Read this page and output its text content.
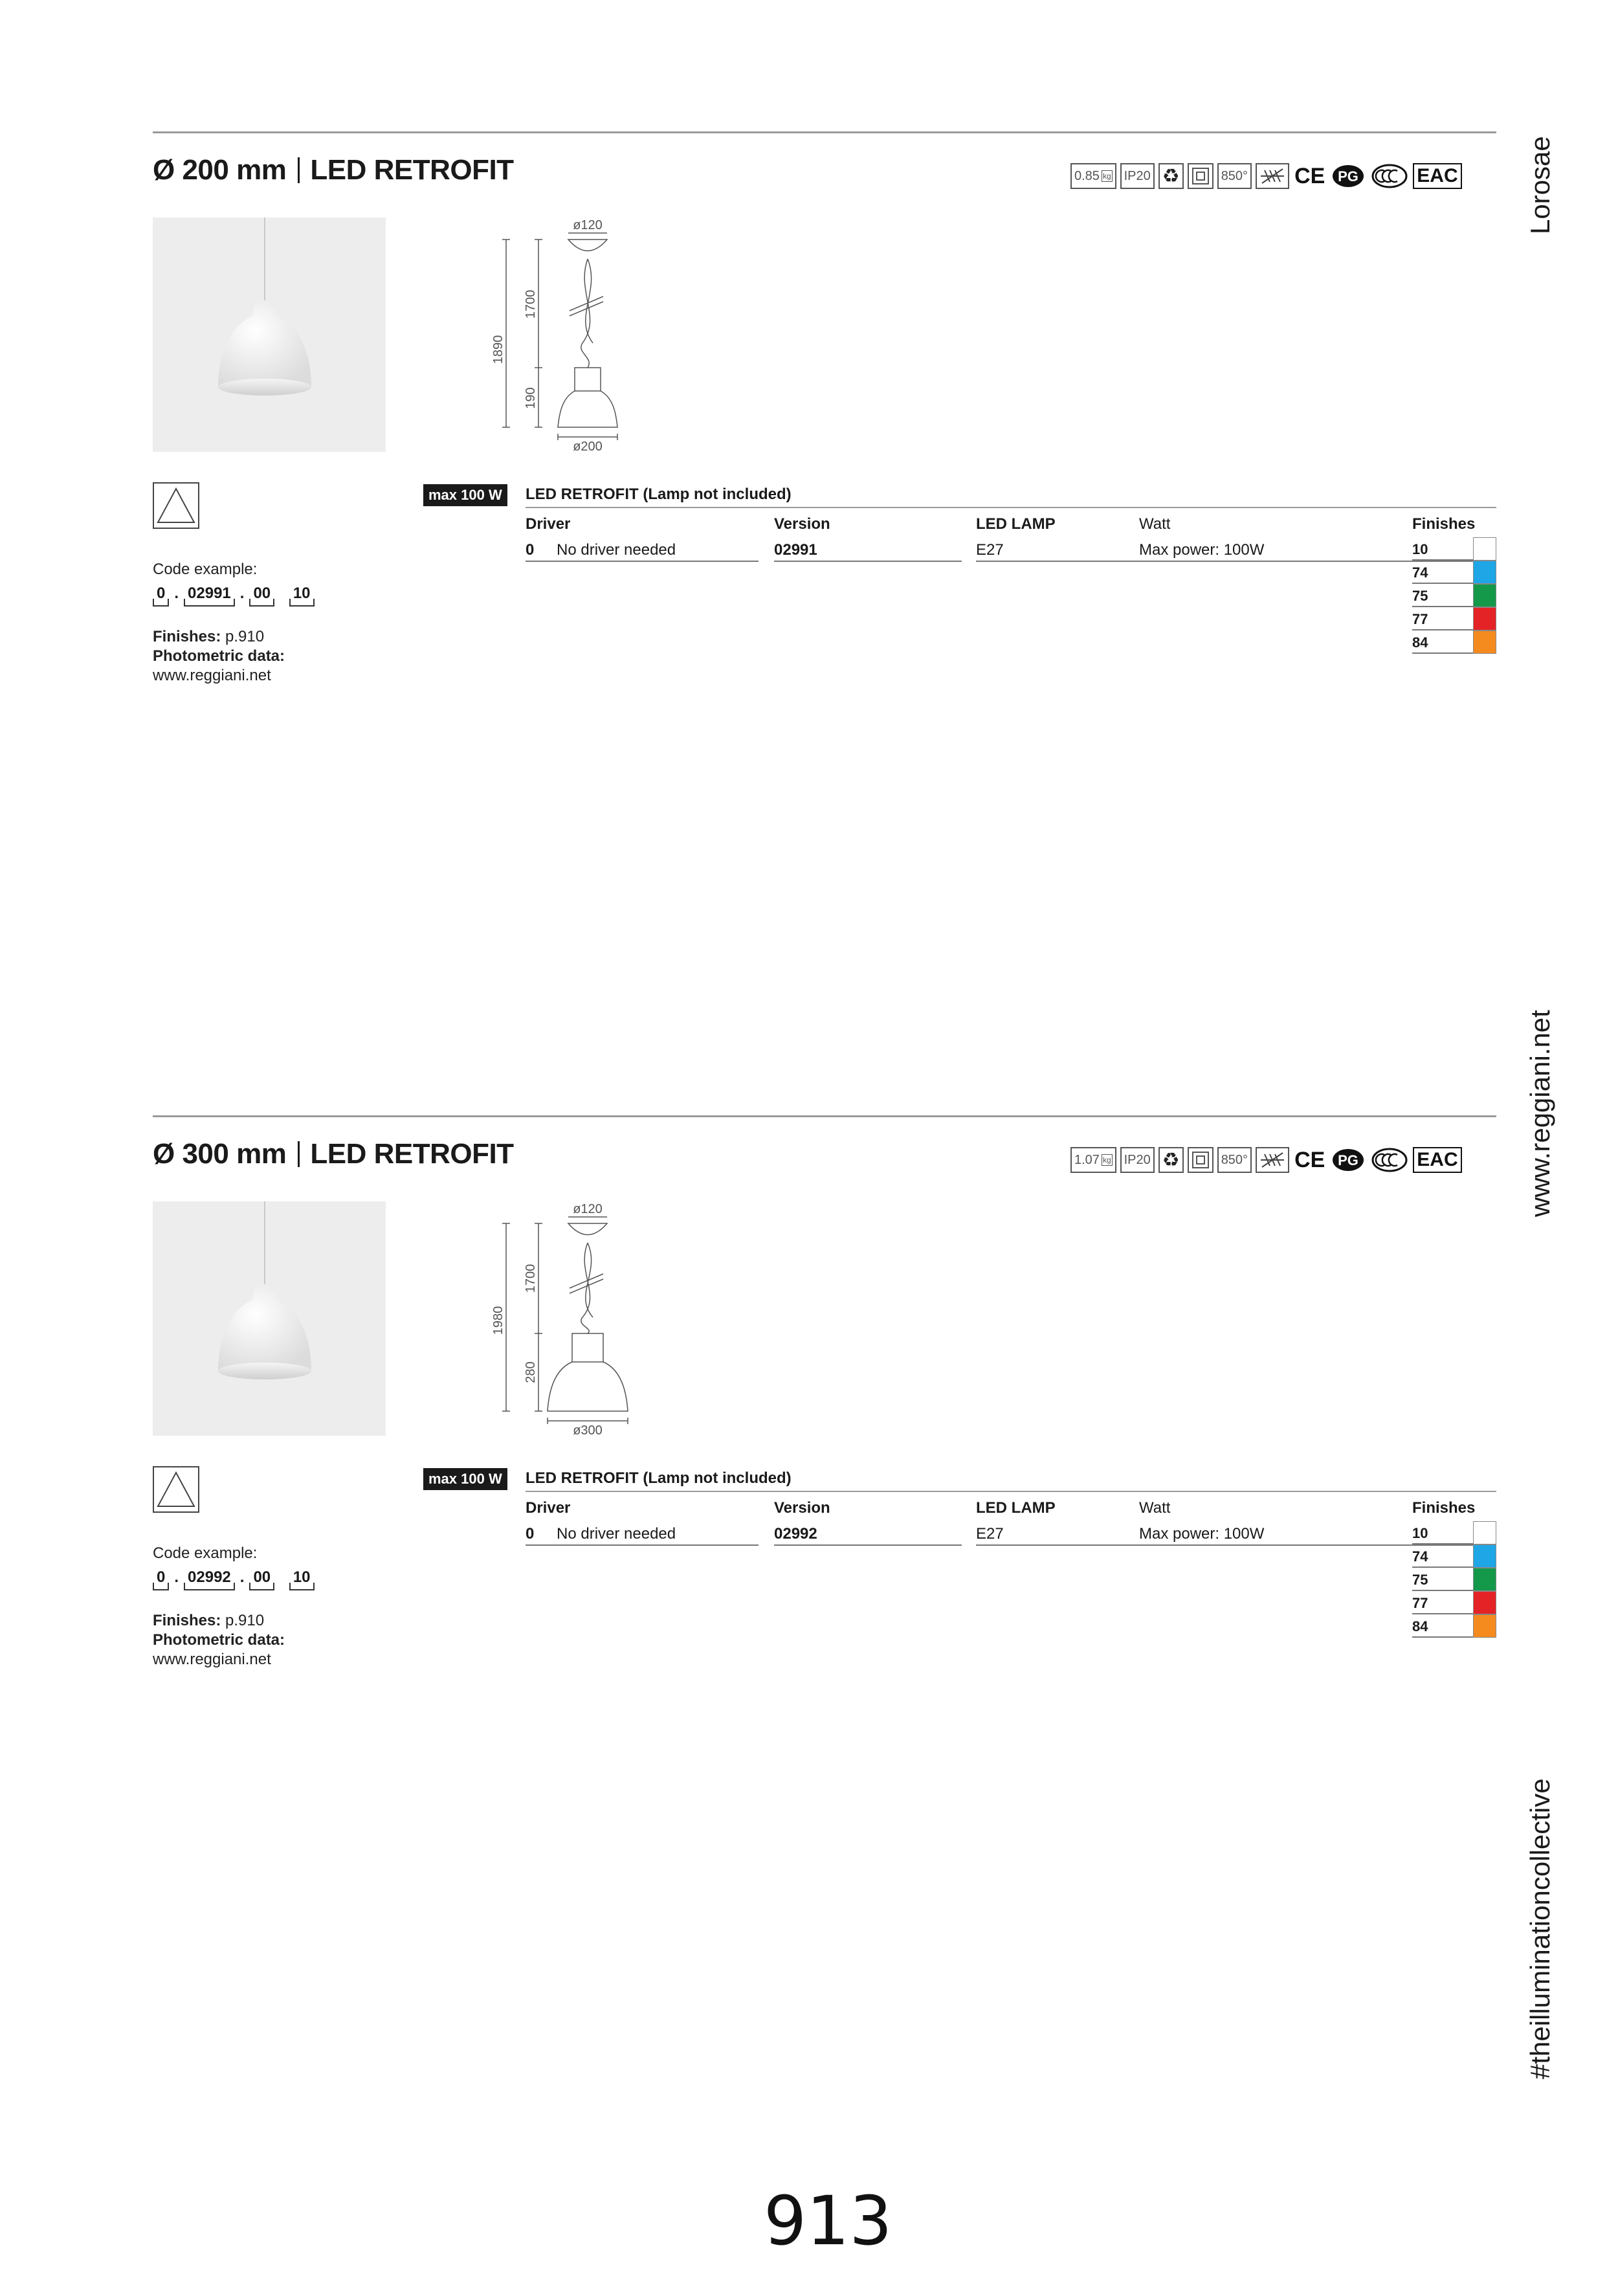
Ø 200 mm LED RETROFIT	0.85 kg	IP20 ♻	850° CE PG	EAC
ø120
ø200
1890
1700
190
max 100 W	LED RETROFIT (Lamp not included)
Driver	Version	LED LAMP	Watt	Finishes
0 No driver needed	02991	E27	Max power: 100W	10
74
75
77
84
Code example:
0 . 02991 . 00 10
Finishes: p.910
Photometric data:
www.reggiani.net
Ø 300 mm LED RETROFIT	1.07 kg	IP20 ♻	850° CE PG	EAC
ø120
ø300
1980
1700
280
max 100 W	LED RETROFIT (Lamp not included)
Driver	Version	LED LAMP	Watt	Finishes
0 No driver needed	02992	E27	Max power: 100W	10
74
75
77
84
Code example:
0 . 02992 . 00 10
Finishes: p.910
Photometric data:
www.reggiani.net
Lorosae
www.reggiani.net
#theilluminationcollective
913
